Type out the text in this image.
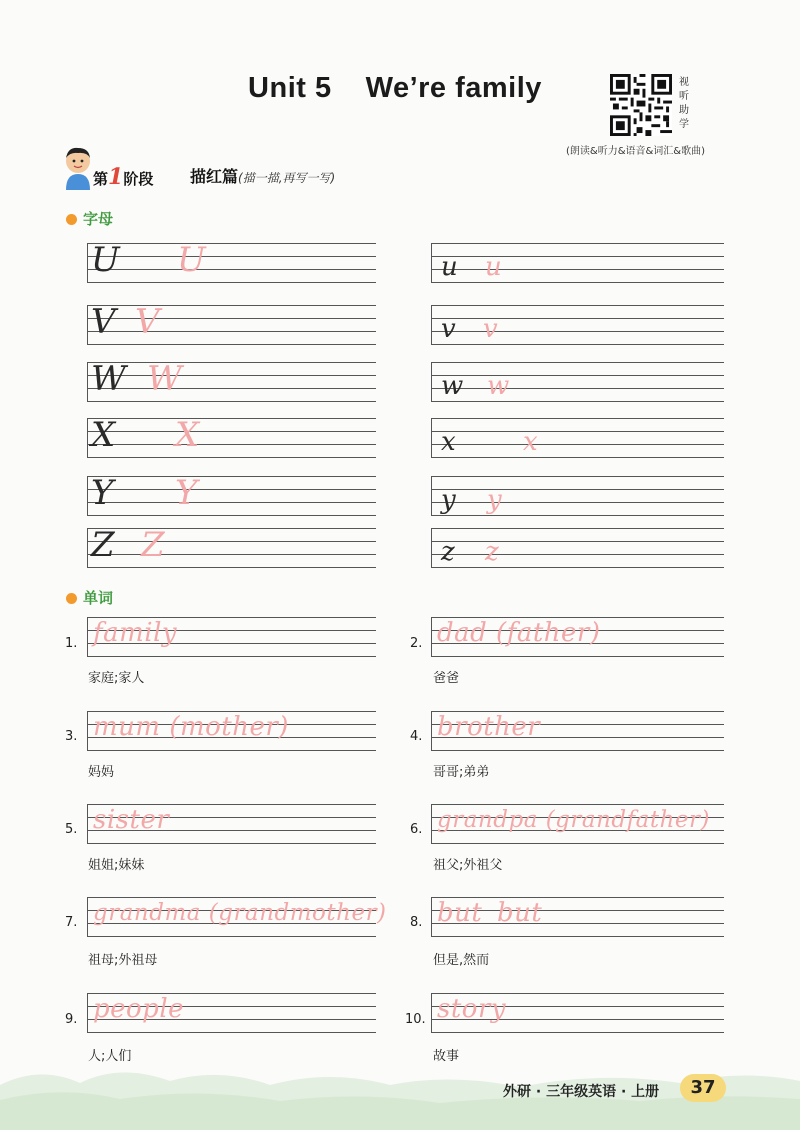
Unit 5 We’re family	视
听
助
学
(朗读&听力&语音&词汇&歌曲)
第1阶段 描红篇(描一描,再写一写)
字母
U U	u u
V V	v v
W W	w w
X X	x	x
Y Y	y y
Z Z	z z
单词
1. family
家庭;家人
3. mum (mother)
妈妈
5. sister
姐姐;妹妹
7. grandma (grandmother)
祖母;外祖母
9. people
人;人们
2. dad (father)
爸爸
4. brother
哥哥;弟弟
6. grandpa (grandfather)
祖父;外祖父
8. but but
但是,然而
10. story
故事
外研 · 三年级英语 · 上册	37
